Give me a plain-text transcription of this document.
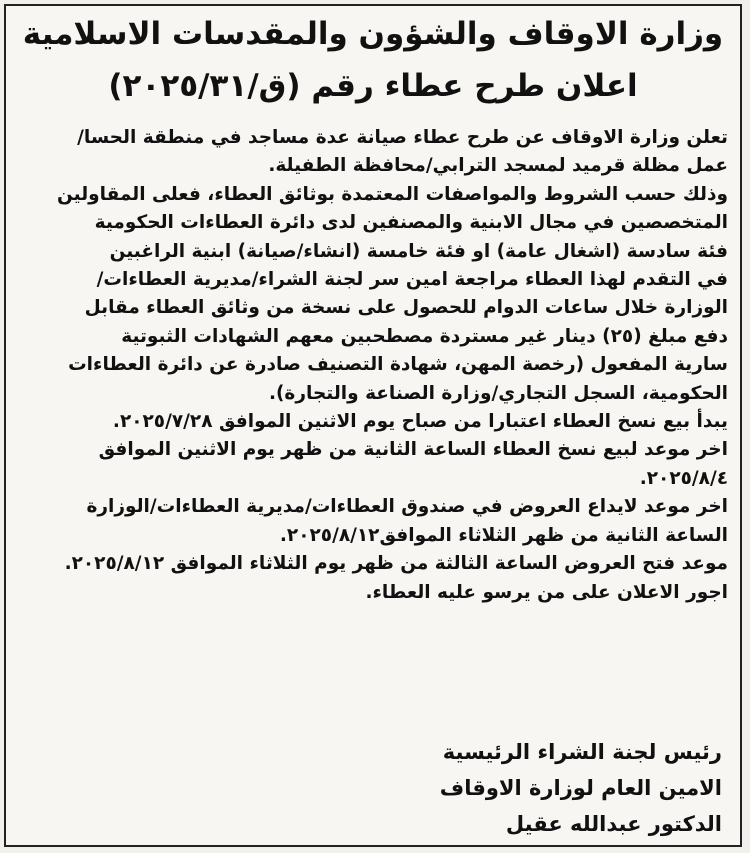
وزارة الاوقاف والشؤون والمقدسات الاسلامية
اعلان طرح عطاء رقم (ق/٢٠٢٥/٣١)
تعلن وزارة الاوقاف عن طرح عطاء صيانة عدة مساجد في منطقة الحسا/
عمل مظلة قرميد لمسجد الترابي/محافظة الطفيلة.
وذلك حسب الشروط والمواصفات المعتمدة بوثائق العطاء، فعلى المقاولين
المتخصصين في مجال الابنية والمصنفين لدى دائرة العطاءات الحكومية
فئة سادسة (اشغال عامة) او فئة خامسة (انشاء/صيانة) ابنية الراغبين
في التقدم لهذا العطاء مراجعة امين سر لجنة الشراء/مديرية العطاءات/
الوزارة خلال ساعات الدوام للحصول على نسخة من وثائق العطاء مقابل
دفع مبلغ (٢٥) دينار غير مستردة مصطحبين معهم الشهادات الثبوتية
سارية المفعول (رخصة المهن، شهادة التصنيف صادرة عن دائرة العطاءات
الحكومية، السجل التجاري/وزارة الصناعة والتجارة).
يبدأ بيع نسخ العطاء اعتبارا من صباح يوم الاثنين الموافق ٢٠٢٥/٧/٢٨.
اخر موعد لبيع نسخ العطاء الساعة الثانية من ظهر يوم الاثنين الموافق
٢٠٢٥/٨/٤.
اخر موعد لايداع العروض في صندوق العطاءات/مديرية العطاءات/الوزارة
الساعة الثانية من ظهر الثلاثاء الموافق٢٠٢٥/٨/١٢.
موعد فتح العروض الساعة الثالثة من ظهر يوم الثلاثاء الموافق ٢٠٢٥/٨/١٢.
اجور الاعلان على من يرسو عليه العطاء.
رئيس لجنة الشراء الرئيسية
الامين العام لوزارة الاوقاف
الدكتور عبدالله عقيل
